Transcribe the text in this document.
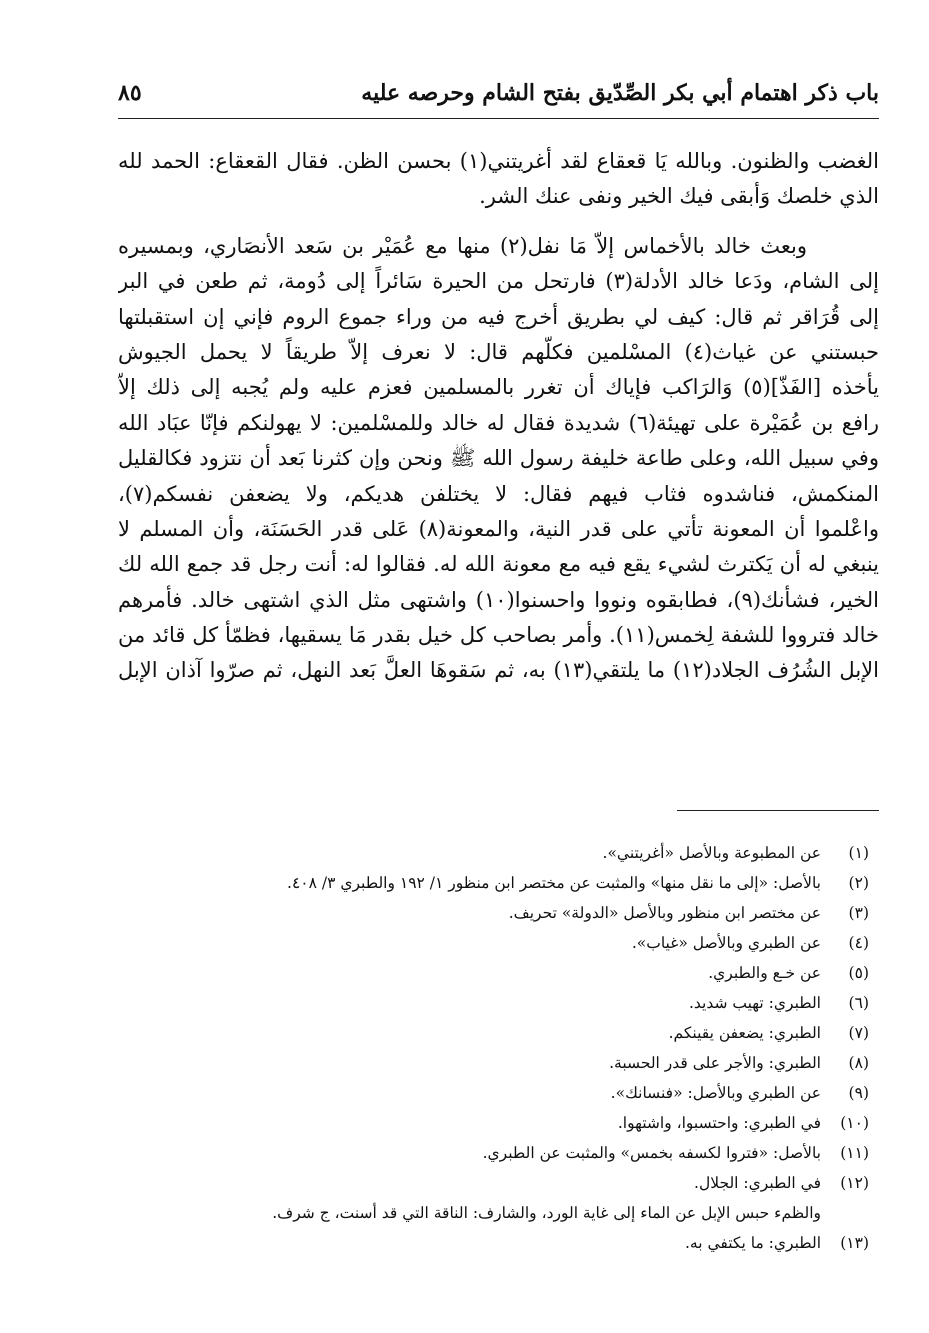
باب ذكر اهتمام أبي بكر الصِّدّيق بفتح الشام وحرصه عليه
٨٥
الغضب والظنون. وبالله يَا قعقاع لقد أغريتني(١) بحسن الظن. فقال القعقاع: الحمد لله
الذي خلصك وَأبقى فيك الخير ونفى عنك الشر.
وبعث خالد بالأخماس إلاّ مَا نفل(٢) منها مع عُمَيْر بن سَعد الأنصَاري، وبمسيره
إلى الشام، ودَعا خالد الأدلة(٣) فارتحل من الحيرة سَائراً إلى دُومة، ثم طعن في البر
إلى قُرَاقر ثم قال: كيف لي بطريق أخرج فيه من وراء جموع الروم فإني إن استقبلتها
حبستني عن غياث(٤) المسْلمين فكلّهم قال: لا نعرف إلاّ طريقاً لا يحمل الجيوش
يأخذه [الفَذّ](٥) وَالرَاكب فإياك أن تغرر بالمسلمين فعزم عليه ولم يُجبه إلى ذلك إلاّ
رافع بن عُمَيْرة على تهيئة(٦) شديدة فقال له خالد وللمسْلمين: لا يهولنكم فإنّا عبَاد الله
وفي سبيل الله، وعلى طاعة خليفة رسول الله ﷺ ونحن وإن كثرنا بَعد أن نتزود فكالقليل
المنكمش، فناشدوه فثاب فيهم فقال: لا يختلفن هديكم، ولا يضعفن نفسكم(٧)،
واعْلموا أن المعونة تأتي على قدر النية، والمعونة(٨) عَلى قدر الحَسَنَة، وأن المسلم لا
ينبغي له أن يَكترث لشيء يقع فيه مع معونة الله له. فقالوا له: أنت رجل قد جمع الله لك
الخير، فشأنك(٩)، فطابقوه ونووا واحسنوا(١٠) واشتهى مثل الذي اشتهى خالد. فأمرهم
خالد فترووا للشفة لِخمس(١١). وأمر بصاحب كل خيل بقدر مَا يسقيها، فظمّأ كل قائد من
الإبل الشُرُف الجلاد(١٢) ما يلتقي(١٣) به، ثم سَقوهَا العلَّ بَعد النهل، ثم صرّوا آذان الإبل
(١)
عن المطبوعة وبالأصل «أغريتني».
(٢)
بالأصل: «إلى ما نقل منها» والمثبت عن مختصر ابن منظور ١/ ١٩٢ والطبري ٣/ ٤٠٨.
(٣)
عن مختصر ابن منظور وبالأصل «الدولة» تحريف.
(٤)
عن الطبري وبالأصل «غياب».
(٥)
عن خـع والطبري.
(٦)
الطبري: تهيب شديد.
(٧)
الطبري: يضعفن يقينكم.
(٨)
الطبري: والأجر على قدر الحسبة.
(٩)
عن الطبري وبالأصل: «فنسانك».
(١٠)
في الطبري: واحتسبوا، واشتهوا.
(١١)
بالأصل: «فتروا لكسفه بخمس» والمثبت عن الطبري.
(١٢)
في الطبري: الجلال.
والظمء حبس الإبل عن الماء إلى غاية الورد، والشارف: الناقة التي قد أسنت، ج شرف.
(١٣)
الطبري: ما يكتفي به.
